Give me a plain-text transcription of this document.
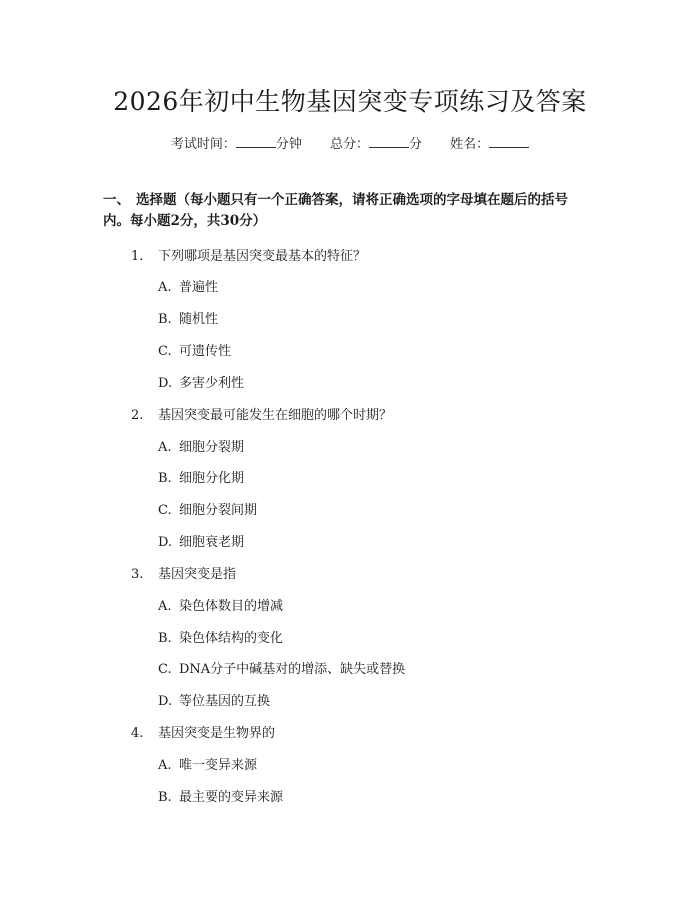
2026年初中生物基因突变专项练习及答案
考试时间：	分钟 总分：	分 姓名：
一、 选择题（每小题只有一个正确答案，请将正确选项的字母填在题后的括号内。每小题2分，共30分）
1. 下列哪项是基因突变最基本的特征？
A. 普遍性
B. 随机性
C. 可遗传性
D. 多害少利性
2. 基因突变最可能发生在细胞的哪个时期？
A. 细胞分裂期
B. 细胞分化期
C. 细胞分裂间期
D. 细胞衰老期
3. 基因突变是指
A. 染色体数目的增减
B. 染色体结构的变化
C. DNA分子中碱基对的增添、缺失或替换
D. 等位基因的互换
4. 基因突变是生物界的
A. 唯一变异来源
B. 最主要的变异来源
